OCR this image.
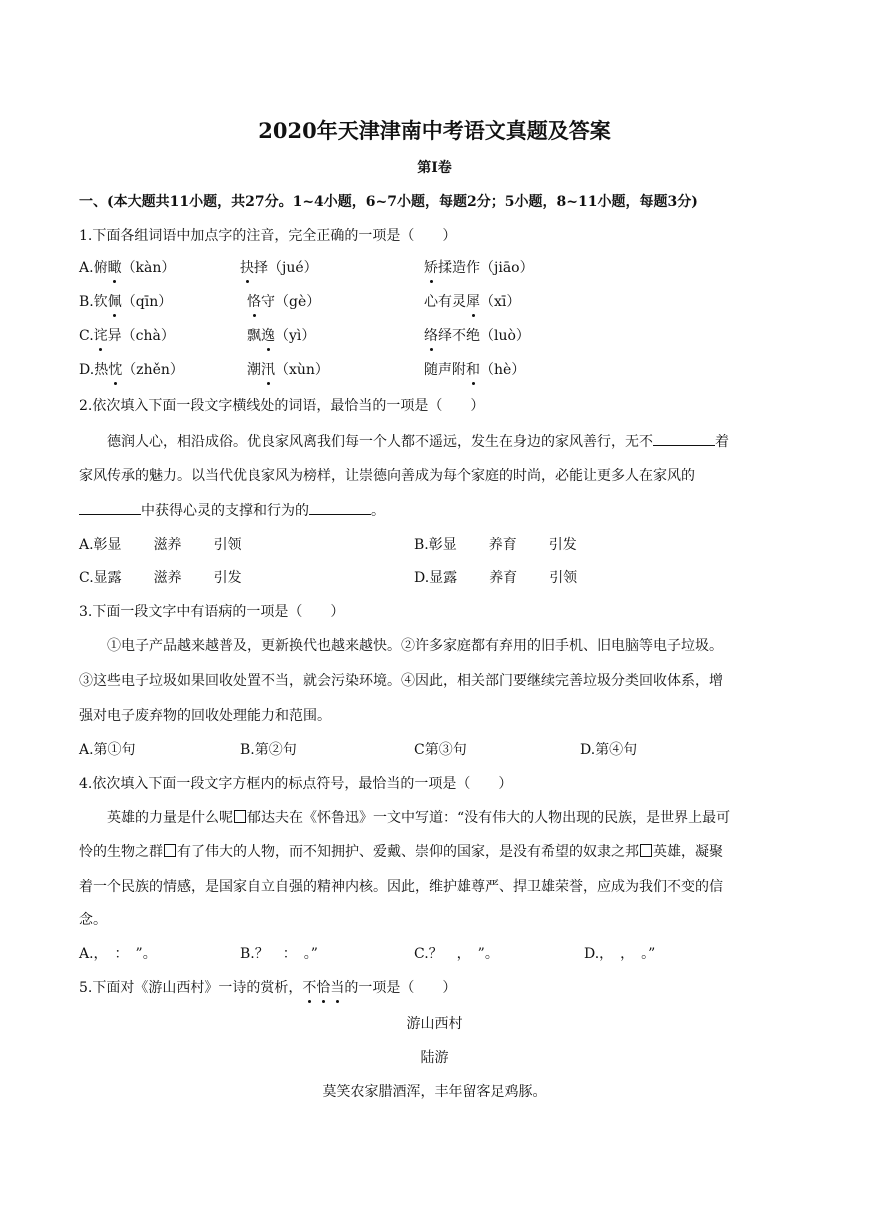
2020年天津津南中考语文真题及答案
第Ⅰ卷
一、(本大题共11小题，共27分。1~4小题，6~7小题，每题2分；5小题，8~11小题，每题3分)
1.下面各组词语中加点字的注音，完全正确的一项是（　　）
A.俯瞰（kàn）	抉择（jué）	矫揉造作（jiāo）
B.钦佩（qīn）	恪守（gè）	心有灵犀（xī）
C.诧异（chà）	飘逸（yì）	络绎不绝（luò）
D.热忱（zhěn）	潮汛（xùn）	随声附和（hè）
2.依次填入下面一段文字横线处的词语，最恰当的一项是（　　）
德润人心，相沿成俗。优良家风离我们每一个人都不遥远，发生在身边的家风善行，无不	着
家风传承的魅力。以当代优良家风为榜样，让崇德向善成为每个家庭的时尚，必能让更多人在家风的
中获得心灵的支撑和行为的	。
A.彰显 滋养 引领	B.彰显 养育 引发
C.显露 滋养 引发	D.显露 养育 引领
3.下面一段文字中有语病的一项是（　　）
①电子产品越来越普及，更新换代也越来越快。②许多家庭都有弃用的旧手机、旧电脑等电子垃圾。
③这些电子垃圾如果回收处置不当，就会污染环境。④因此，相关部门要继续完善垃圾分类回收体系，增
强对电子废弃物的回收处理能力和范围。
A.第①句	B.第②句	C第③句	D.第④句
4.依次填入下面一段文字方框内的标点符号，最恰当的一项是（　　）
英雄的力量是什么呢 郁达夫在《怀鲁迅》一文中写道：“没有伟大的人物出现的民族，是世界上最可
怜的生物之群 有了伟大的人物，而不知拥护、爱戴、崇仰的国家，是没有希望的奴隶之邦 英雄，凝聚
着一个民族的情感，是国家自立自强的精神内核。因此，维护雄尊严、捍卫雄荣誉，应成为我们不变的信
念。
A.，　：　”。	B.？　：　。”	C.？　，　”。	D.，　，　。”
5.下面对《游山西村》一诗的赏析，不恰当的一项是（　　）
游山西村
陆游
莫笑农家腊酒浑，丰年留客足鸡豚。
